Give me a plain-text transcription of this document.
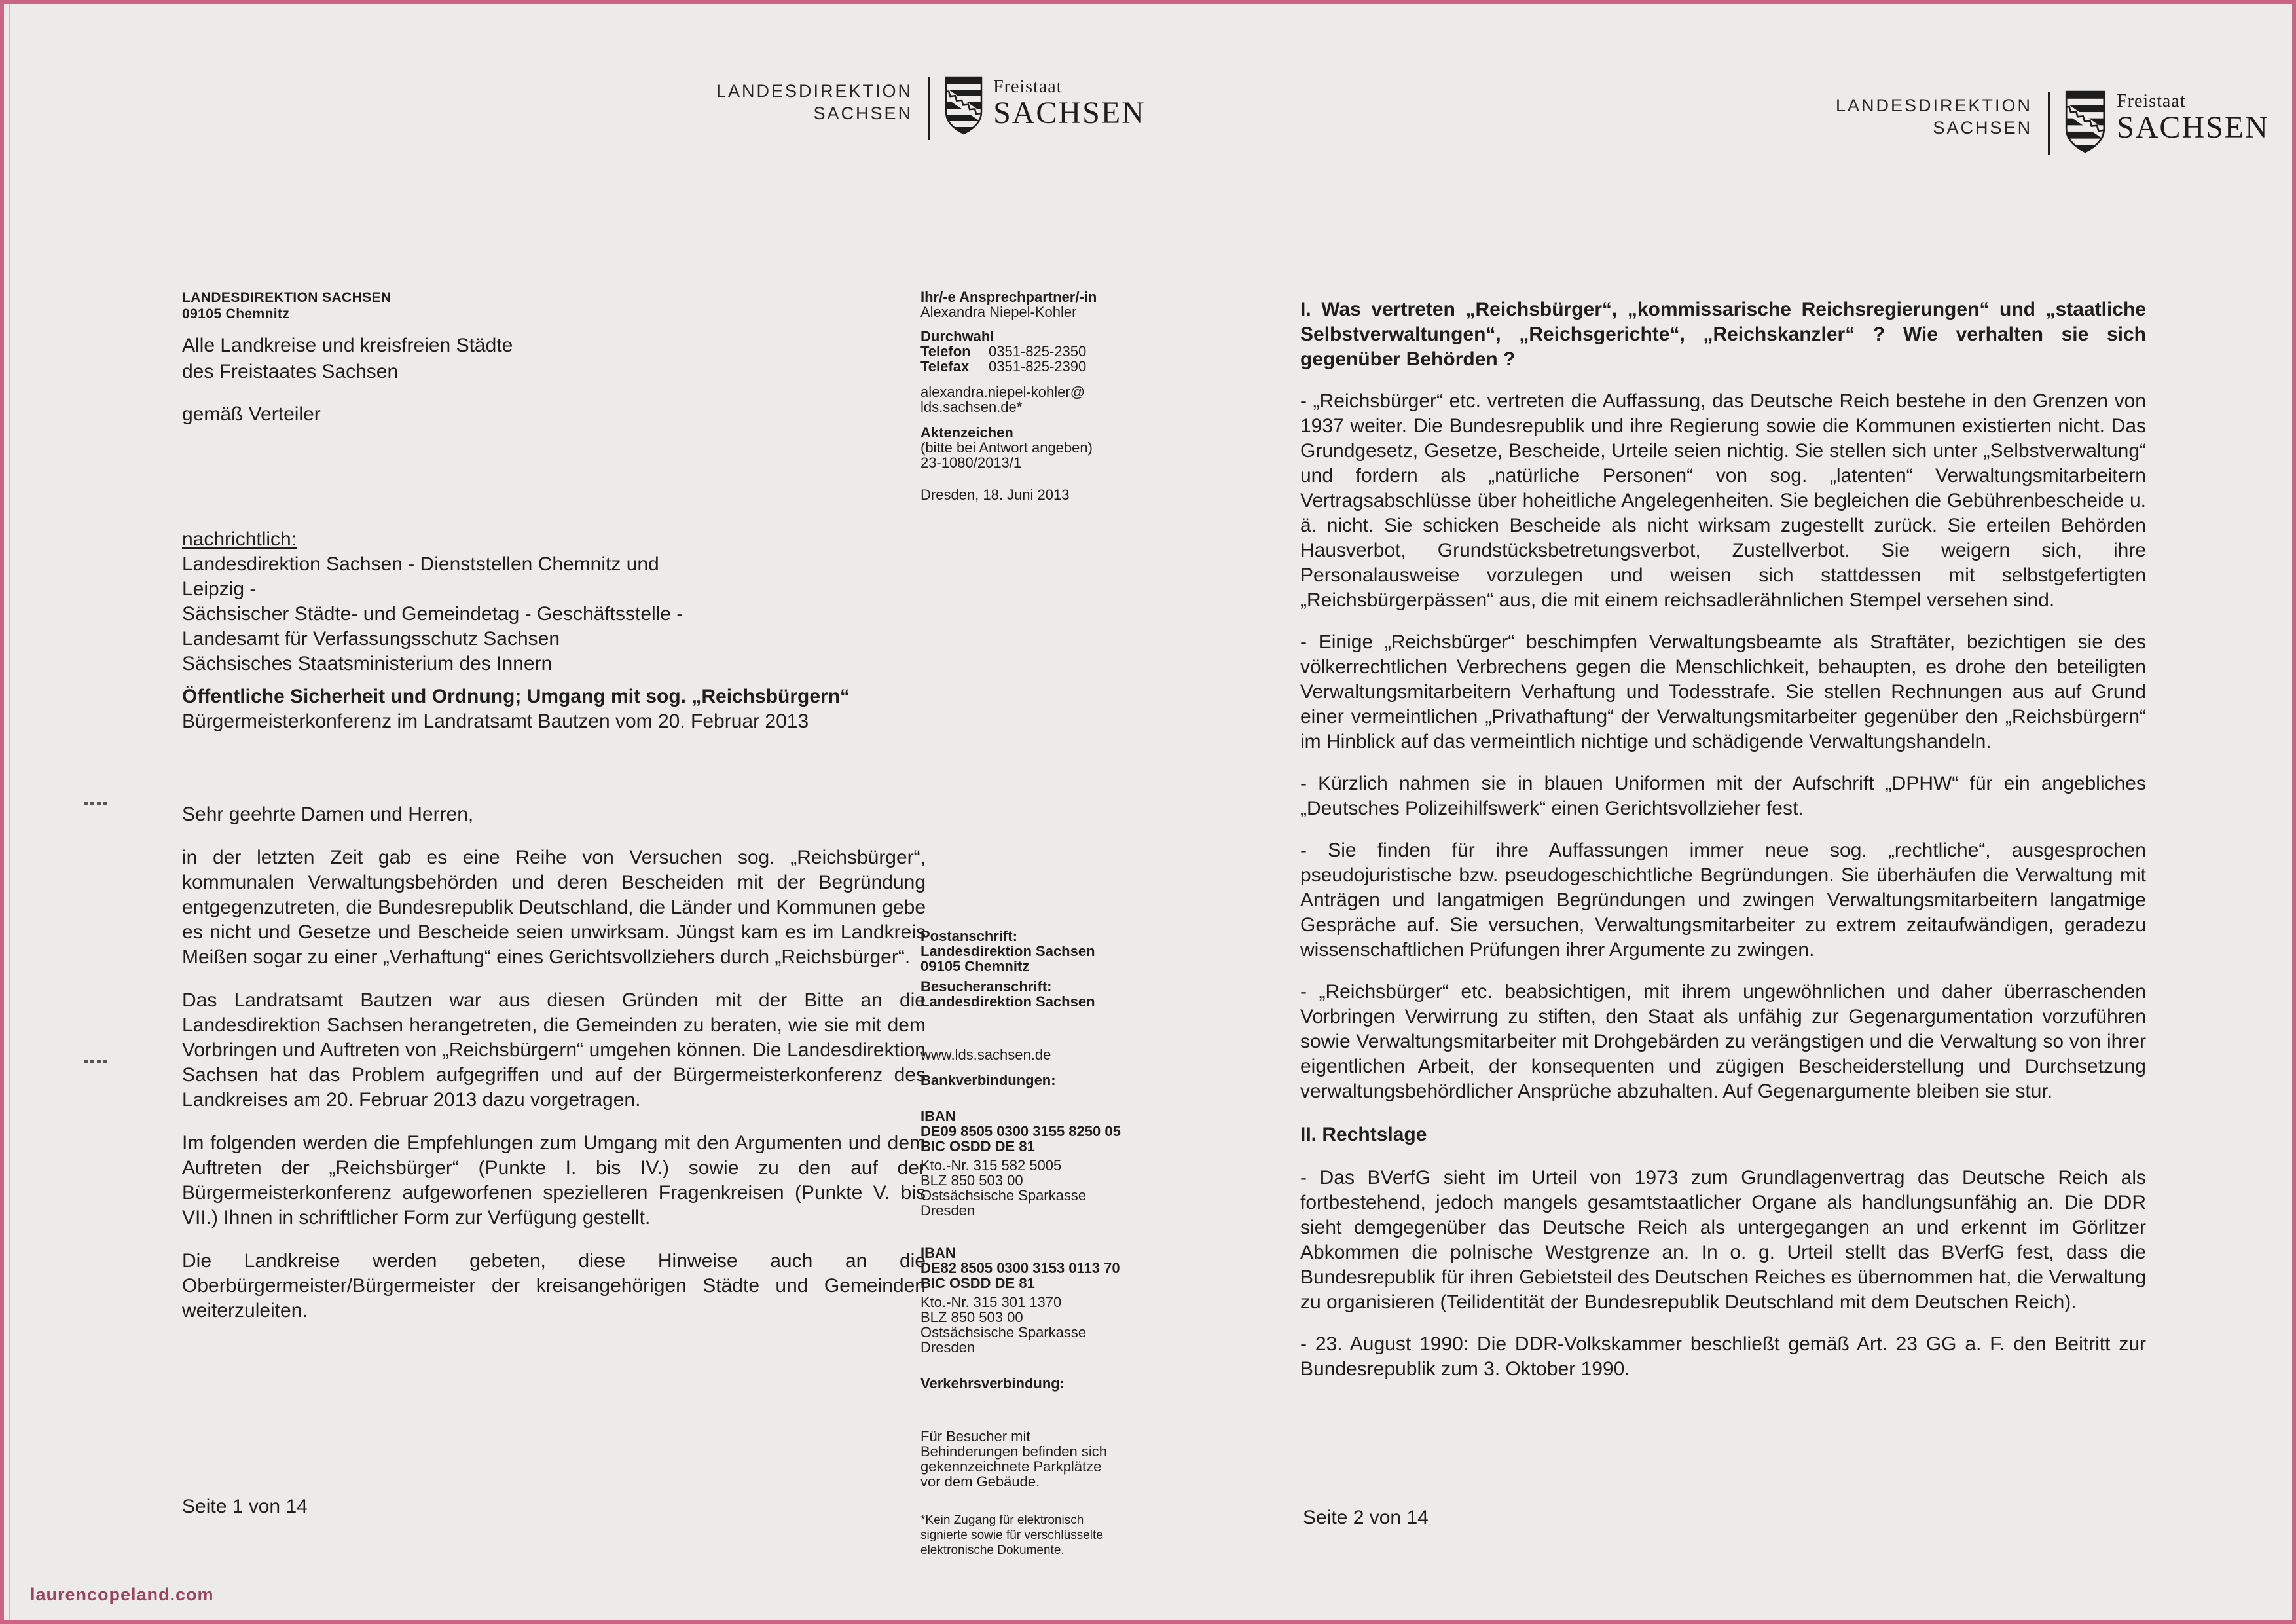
LANDESDIREKTION
SACHSEN
Freistaat
SACHSEN	LANDESDIREKTION
SACHSEN
Freistaat
SACHSEN
LANDESDIREKTION SACHSEN
09105 Chemnitz
Alle Landkreise und kreisfreien Städte
des Freistaates Sachsen
gemäß Verteiler
nachrichtlich:
Landesdirektion Sachsen - Dienststellen Chemnitz und Leipzig -
Sächsischer Städte- und Gemeindetag - Geschäftsstelle -
Landesamt für Verfassungsschutz Sachsen
Sächsisches Staatsministerium des Innern
Öffentliche Sicherheit und Ordnung; Umgang mit sog. „Reichsbürgern“
Bürgermeisterkonferenz im Landratsamt Bautzen vom 20. Februar 2013
Sehr geehrte Damen und Herren,

in der letzten Zeit gab es eine Reihe von Versuchen sog. „Reichsbürger“, kommunalen Verwaltungsbehörden und deren Bescheiden mit der Begründung entgegenzutreten, die Bundesrepublik Deutschland, die Länder und Kommunen gebe es nicht und Gesetze und Bescheide seien unwirksam. Jüngst kam es im Landkreis Meißen sogar zu einer „Verhaftung“ eines Gerichtsvollziehers durch „Reichsbürger“.

Das Landratsamt Bautzen war aus diesen Gründen mit der Bitte an die Landesdirektion Sachsen herangetreten, die Gemeinden zu beraten, wie sie mit dem Vorbringen und Auftreten von „Reichsbürgern“ umgehen können. Die Landesdirektion Sachsen hat das Problem aufgegriffen und auf der Bürgermeisterkonferenz des Landkreises am 20. Februar 2013 dazu vorgetragen.

Im folgenden werden die Empfehlungen zum Umgang mit den Argumenten und dem Auftreten der „Reichsbürger“ (Punkte I. bis IV.) sowie zu den auf der Bürgermeisterkonferenz aufgeworfenen spezielleren Fragenkreisen (Punkte V. bis VII.) Ihnen in schriftlicher Form zur Verfügung gestellt.

Die Landkreise werden gebeten, diese Hinweise auch an die Oberbürgermeister/Bürgermeister der kreisangehörigen Städte und Gemeinden weiterzuleiten.

Seite 1 von 14
Ihr/-e Ansprechpartner/-in
Alexandra Niepel-Kohler
Durchwahl
Telefon	0351-825-2350
Telefax	0351-825-2390
alexandra.niepel-kohler@
lds.sachsen.de*
Aktenzeichen
(bitte bei Antwort angeben)
23-1080/2013/1
Dresden, 18. Juni 2013
Postanschrift:
Landesdirektion Sachsen
09105 Chemnitz
Besucheranschrift:
Landesdirektion Sachsen
www.lds.sachsen.de
Bankverbindungen:
IBAN
DE09 8505 0300 3155 8250 05
BIC OSDD DE 81
Kto.-Nr. 315 582 5005
BLZ 850 503 00
Ostsächsische Sparkasse
Dresden
IBAN
DE82 8505 0300 3153 0113 70
BIC OSDD DE 81
Kto.-Nr. 315 301 1370
BLZ 850 503 00
Ostsächsische Sparkasse
Dresden
Verkehrsverbindung:
Für Besucher mit Behinderungen befinden sich gekennzeichnete Parkplätze vor dem Gebäude.
*Kein Zugang für elektronisch signierte sowie für verschlüsselte elektronische Dokumente.

I. Was vertreten „Reichsbürger“, „kommissarische Reichsregierungen“ und „staatliche Selbstverwaltungen“, „Reichsgerichte“, „Reichskanzler“ ? Wie verhalten sie sich gegenüber Behörden ?

- „Reichsbürger“ etc. vertreten die Auffassung, das Deutsche Reich bestehe in den Grenzen von 1937 weiter. Die Bundesrepublik und ihre Regierung sowie die Kommunen existierten nicht. Das Grundgesetz, Gesetze, Bescheide, Urteile seien nichtig. Sie stellen sich unter „Selbstverwaltung“ und fordern als „natürliche Personen“ von sog. „latenten“ Verwaltungsmitarbeitern Vertragsabschlüsse über hoheitliche Angelegenheiten. Sie begleichen die Gebührenbescheide u. ä. nicht. Sie schicken Bescheide als nicht wirksam zugestellt zurück. Sie erteilen Behörden Hausverbot, Grundstücksbetretungsverbot, Zustellverbot. Sie weigern sich, ihre Personalausweise vorzulegen und weisen sich stattdessen mit selbstgefertigten „Reichsbürgerpässen“ aus, die mit einem reichsadlerähnlichen Stempel versehen sind.

- Einige „Reichsbürger“ beschimpfen Verwaltungsbeamte als Straftäter, bezichtigen sie des völkerrechtlichen Verbrechens gegen die Menschlichkeit, behaupten, es drohe den beteiligten Verwaltungsmitarbeitern Verhaftung und Todesstrafe. Sie stellen Rechnungen aus auf Grund einer vermeintlichen „Privathaftung“ der Verwaltungsmitarbeiter gegenüber den „Reichsbürgern“ im Hinblick auf das vermeintlich nichtige und schädigende Verwaltungshandeln.

- Kürzlich nahmen sie in blauen Uniformen mit der Aufschrift „DPHW“ für ein angebliches „Deutsches Polizeihilfswerk“ einen Gerichtsvollzieher fest.

- Sie finden für ihre Auffassungen immer neue sog. „rechtliche“, ausgesprochen pseudojuristische bzw. pseudogeschichtliche Begründungen. Sie überhäufen die Verwaltung mit Anträgen und langatmigen Begründungen und zwingen Verwaltungsmitarbeitern langatmige Gespräche auf. Sie versuchen, Verwaltungsmitarbeiter zu extrem zeitaufwändigen, geradezu wissenschaftlichen Prüfungen ihrer Argumente zu zwingen.

- „Reichsbürger“ etc. beabsichtigen, mit ihrem ungewöhnlichen und daher überraschenden Vorbringen Verwirrung zu stiften, den Staat als unfähig zur Gegenargumentation vorzuführen sowie Verwaltungsmitarbeiter mit Drohgebärden zu verängstigen und die Verwaltung so von ihrer eigentlichen Arbeit, der konsequenten und zügigen Bescheiderstellung und Durchsetzung verwaltungsbehördlicher Ansprüche abzuhalten. Auf Gegenargumente bleiben sie stur.

II. Rechtslage

- Das BVerfG sieht im Urteil von 1973 zum Grundlagenvertrag das Deutsche Reich als fortbestehend, jedoch mangels gesamtstaatlicher Organe als handlungsunfähig an. Die DDR sieht demgegenüber das Deutsche Reich als untergegangen an und erkennt im Görlitzer Abkommen die polnische Westgrenze an. In o. g. Urteil stellt das BVerfG fest, dass die Bundesrepublik für ihren Gebietsteil des Deutschen Reiches es übernommen hat, die Verwaltung zu organisieren (Teilidentität der Bundesrepublik Deutschland mit dem Deutschen Reich).

- 23. August 1990: Die DDR-Volkskammer beschließt gemäß Art. 23 GG a. F. den Beitritt zur Bundesrepublik zum 3. Oktober 1990.

Seite 2 von 14
laurencopeland.com
